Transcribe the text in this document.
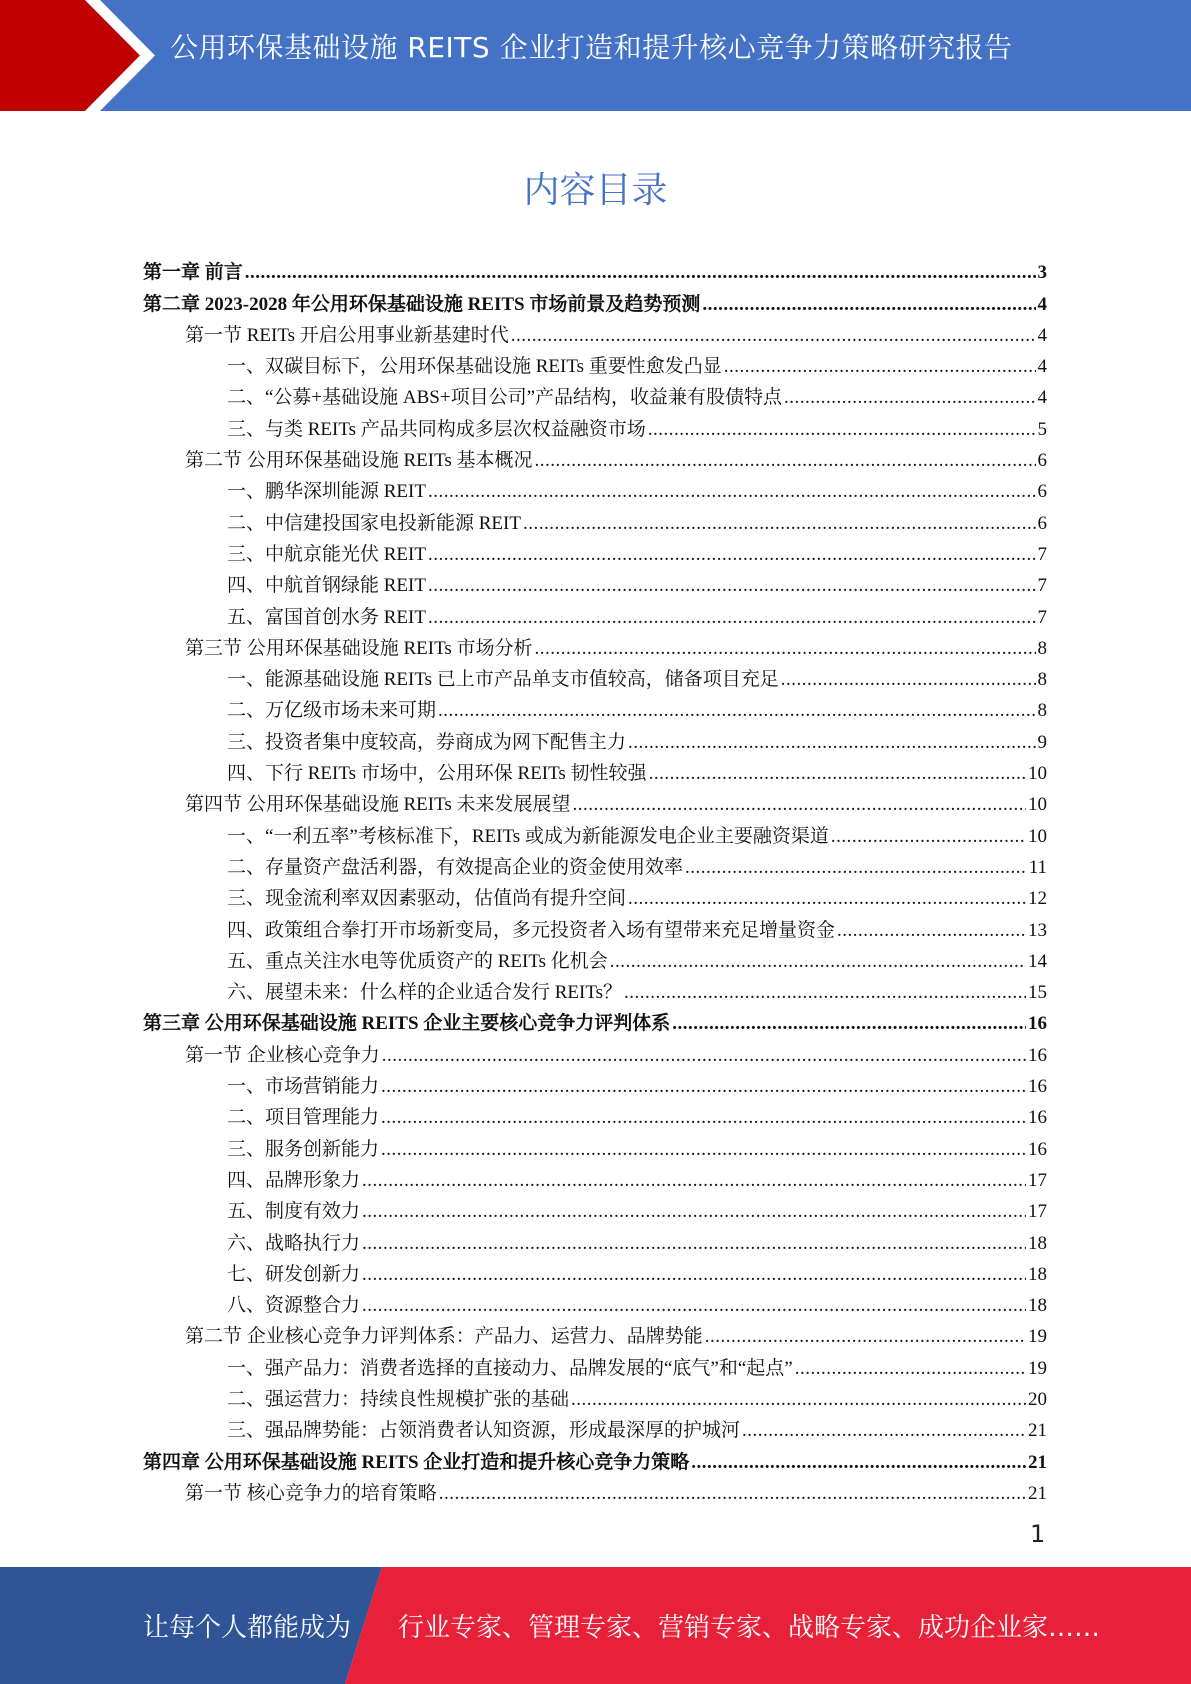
公用环保基础设施 REITS 企业打造和提升核心竞争力策略研究报告
内容目录
第一章 前言 .....	3
第二章 2023-2028 年公用环保基础设施 REITS 市场前景及趋势预测 .....	4
第一节 REITs 开启公用事业新基建时代 .....	4
一、双碳目标下，公用环保基础设施 REITs 重要性愈发凸显 .....	4
二、“公募+基础设施 ABS+项目公司”产品结构，收益兼有股债特点 .....	4
三、与类 REITs 产品共同构成多层次权益融资市场 .....	5
第二节 公用环保基础设施 REITs 基本概况 .....	6
一、鹏华深圳能源 REIT .....	6
二、中信建投国家电投新能源 REIT .....	6
三、中航京能光伏 REIT .....	7
四、中航首钢绿能 REIT .....	7
五、富国首创水务 REIT .....	7
第三节 公用环保基础设施 REITs 市场分析 .....	8
一、能源基础设施 REITs 已上市产品单支市值较高，储备项目充足 .....	8
二、万亿级市场未来可期 .....	8
三、投资者集中度较高，券商成为网下配售主力 .....	9
四、下行 REITs 市场中，公用环保 REITs 韧性较强 .....	10
第四节 公用环保基础设施 REITs 未来发展展望 .....	10
一、“一利五率”考核标准下，REITs 或成为新能源发电企业主要融资渠道 .....	10
二、存量资产盘活利器，有效提高企业的资金使用效率 .....	11
三、现金流利率双因素驱动，估值尚有提升空间 .....	12
四、政策组合拳打开市场新变局，多元投资者入场有望带来充足增量资金 .....	13
五、重点关注水电等优质资产的 REITs 化机会 .....	14
六、展望未来：什么样的企业适合发行 REITs？ .....	15
第三章 公用环保基础设施 REITS 企业主要核心竞争力评判体系 .....	16
第一节 企业核心竞争力 .....	16
一、市场营销能力 .....	16
二、项目管理能力 .....	16
三、服务创新能力 .....	16
四、品牌形象力 .....	17
五、制度有效力 .....	17
六、战略执行力 .....	18
七、研发创新力 .....	18
八、资源整合力 .....	18
第二节 企业核心竞争力评判体系：产品力、运营力、品牌势能 .....	19
一、强产品力：消费者选择的直接动力、品牌发展的“底气”和“起点” .....	19
二、强运营力：持续良性规模扩张的基础 .....	20
三、强品牌势能：占领消费者认知资源，形成最深厚的护城河 .....	21
第四章 公用环保基础设施 REITS 企业打造和提升核心竞争力策略 .....	21
第一节 核心竞争力的培育策略 .....	21
1
让每个人都能成为 行业专家、管理专家、营销专家、战略专家、成功企业家……
